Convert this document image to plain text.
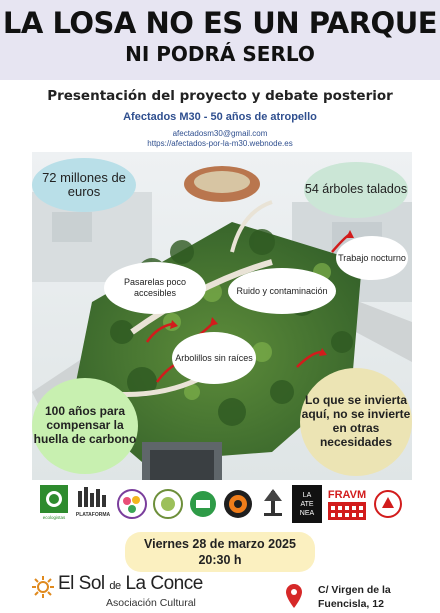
LA LOSA NO ES UN PARQUE
NI PODRÁ SERLO
Presentación del proyecto y debate posterior
Afectados M30 - 50 años de atropello
afectadosm30@gmail.com
https://afectados-por-la-m30.webnode.es
72 millones de euros	54 árboles talados
Trabajo nocturno
Pasarelas poco accesibles	Ruido y contaminación
Arbolillos sin raíces
100 años para compensar la huella de carbono
Lo que se invierta aquí, no se invierte en otras necesidades
ecologistas PLATAFORMA
LA
ATE
NEA
FRAVM
Viernes 28 de marzo 2025
20:30 h
El Sol de La Conce
Asociación Cultural
C/ Virgen de la
Fuencisla, 12
